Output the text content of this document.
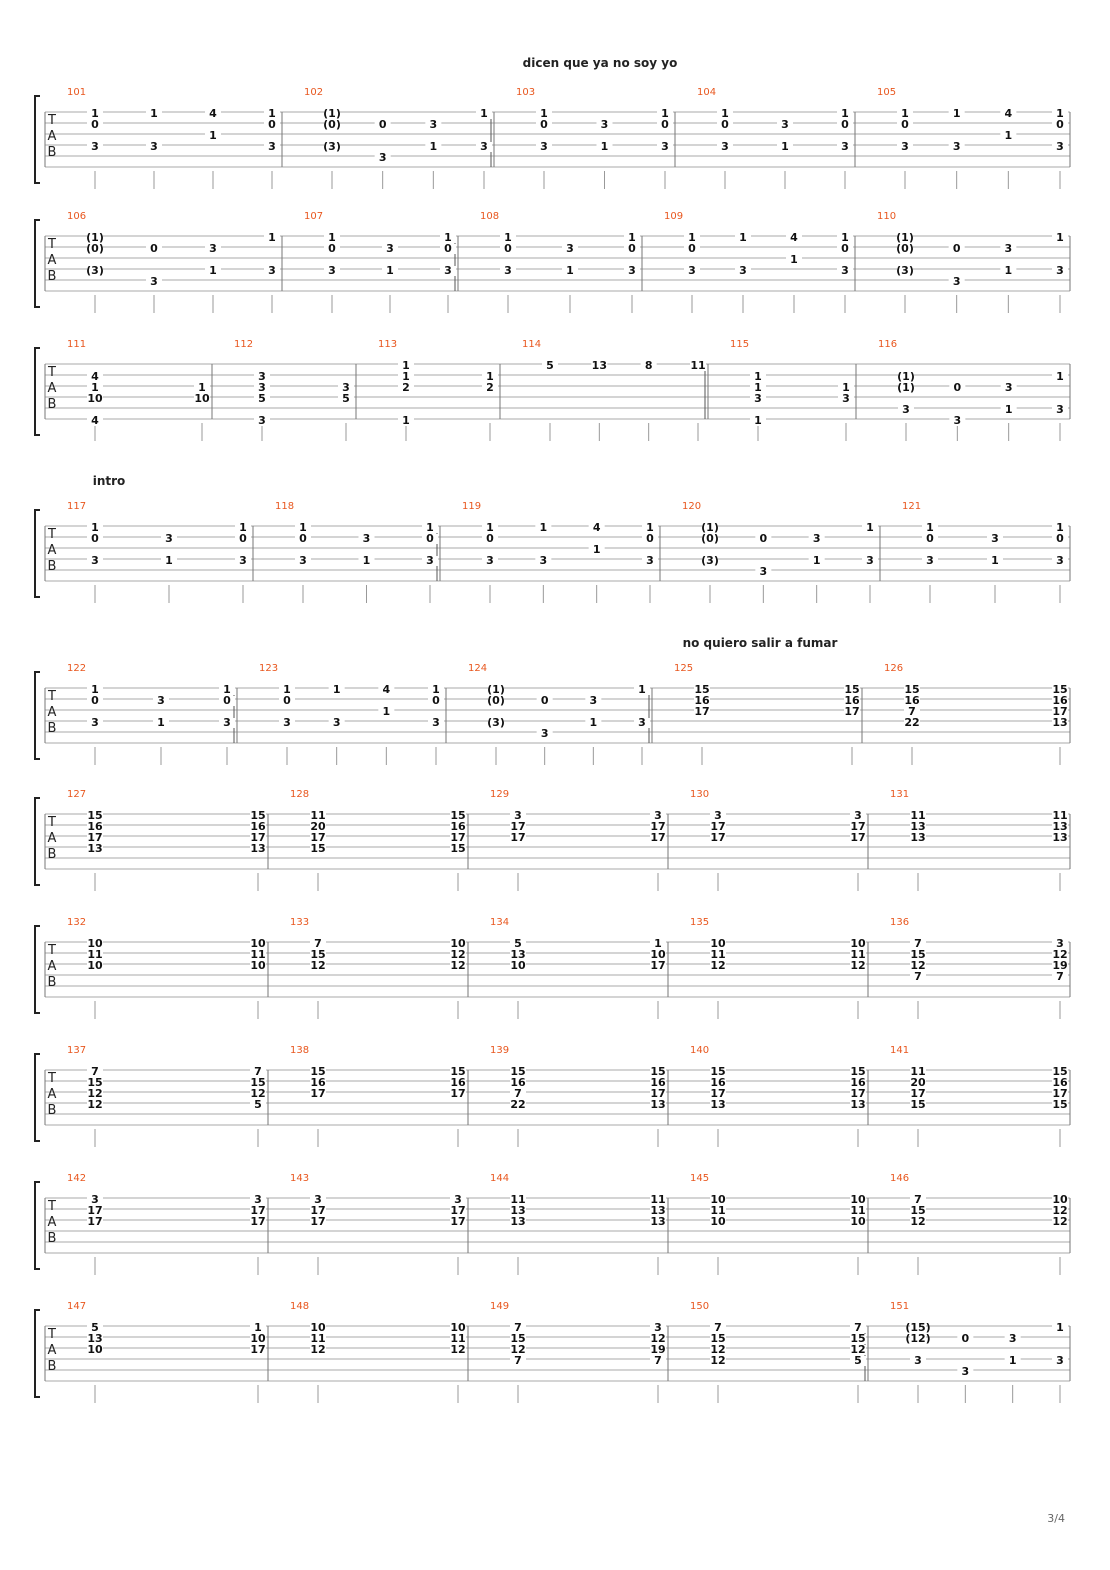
T
A
B
101
1
0
3
1
3
4
1
1
0
3
102
(1)
(0)
(3)
0
3
3
1
1
3
103
1
0
3
3
1
1
0
3
104
1
0
3
3
1
1
0
3
105
1
0
3
1
3
4
1
1
0
3
T
A
B
106
(1)
(0)
(3)
0
3
3
1
1
3
107
1
0
3
3
1
1
0
3
108
1
0
3
3
1
1
0
3
109
1
0
3
1
3
4
1
1
0
3
110
(1)
(0)
(3)
0
3
3
1
1
3
T
A
B
111
4
1
10
4
1
10
112
3
3
5
3
3
5
113
1
1
2
1
1
2
114
5	13	8	11
115
1
1
3
1
1
3
116
(1)
(1)
3
0
3
3
1
1
3
T
A
B
117
1
0
3
3
1
1
0
3
118
1
0
3
3
1
1
0
3
119
1
0
3
1
3
4
1
1
0
3
120
(1)
(0)
(3)
0
3
3
1
1
3
121
1
0
3
3
1
1
0
3
T
A
B
122
1
0
3
3
1
1
0
3
123
1
0
3
1
3
4
1
1
0
3
124
(1)
(0)
(3)
0
3
3
1
1
3
125
15
16
17
15
16
17
126
15
16
7
22
15
16
17
13
T
A
B
127
15
16
17
13
15
16
17
13
128
11
20
17
15
15
16
17
15
129
3
17
17
3
17
17
130
3
17
17
3
17
17
131
11
13
13
11
13
13
T
A
B
132
10
11
10
10
11
10
133
7
15
12
10
12
12
134
5
13
10
1
10
17
135
10
11
12
10
11
12
136
7
15
12
7
3
12
19
7
T
A
B
137
7
15
12
12
7
15
12
5
138
15
16
17
15
16
17
139
15
16
7
22
15
16
17
13
140
15
16
17
13
15
16
17
13
141
11
20
17
15
15
16
17
15
T
A
B
142
3
17
17
3
17
17
143
3
17
17
3
17
17
144
11
13
13
11
13
13
145
10
11
10
10
11
10
146
7
15
12
10
12
12
T
A
B
147
5
13
10
1
10
17
148
10
11
12
10
11
12
149
7
15
12
7
3
12
19
7
150
7
15
12
12
7
15
12
5
151
(15)
(12)
3
0
3
3
1
1
3
dicen que ya no soy yo
intro
no quiero salir a fumar
3/4
